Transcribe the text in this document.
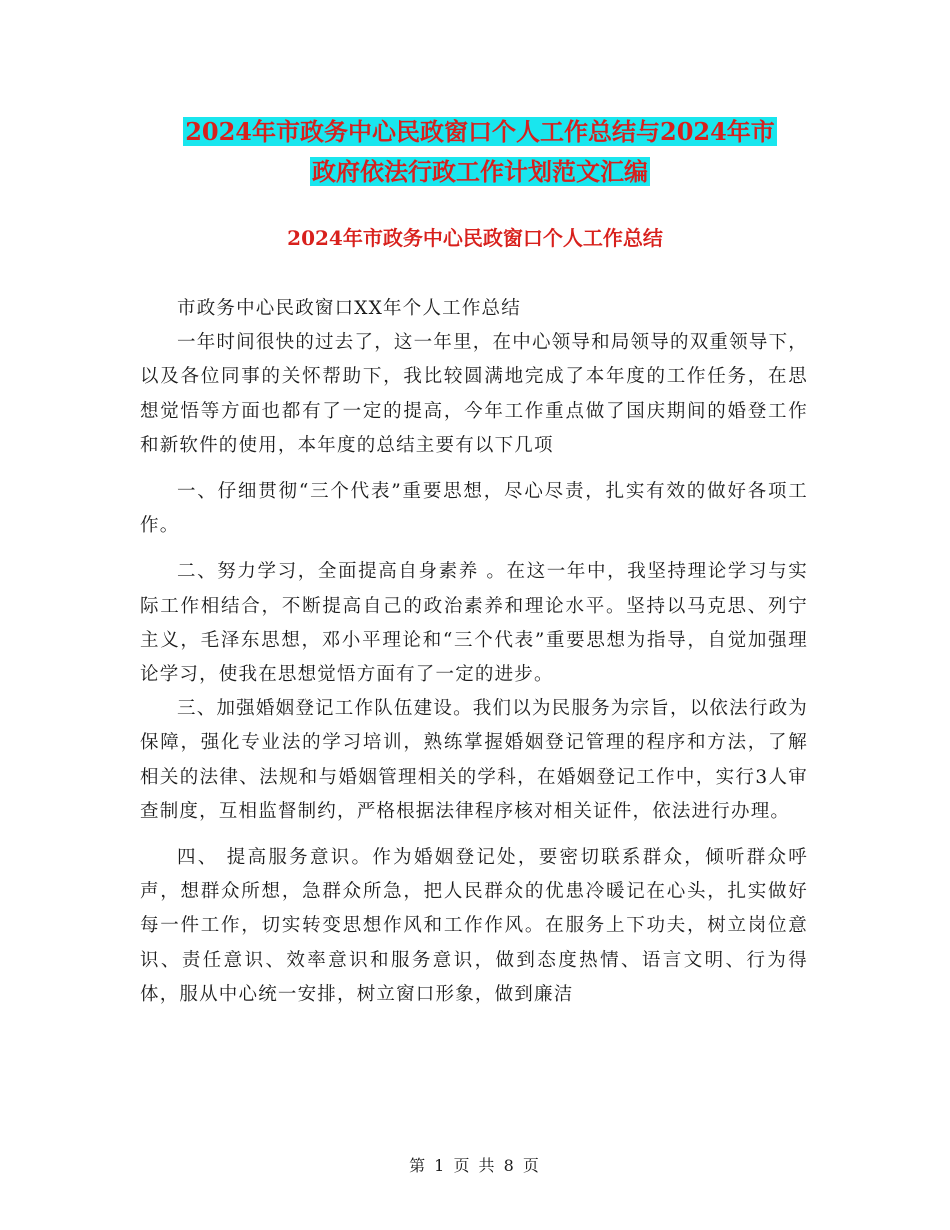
2024年市政务中心民政窗口个人工作总结与2024年市
政府依法行政工作计划范文汇编
2024年市政务中心民政窗口个人工作总结

市政务中心民政窗口XX年个人工作总结

一年时间很快的过去了，这一年里，在中心领导和局领导的双重领导下，以及各位同事的关怀帮助下，我比较圆满地完成了本年度的工作任务，在思想觉悟等方面也都有了一定的提高，今年工作重点做了国庆期间的婚登工作和新软件的使用，本年度的总结主要有以下几项

一、仔细贯彻“三个代表”重要思想，尽心尽责，扎实有效的做好各项工作。

二、努力学习，全面提高自身素养 。在这一年中，我坚持理论学习与实际工作相结合，不断提高自己的政治素养和理论水平。坚持以马克思、列宁主义，毛泽东思想，邓小平理论和“三个代表”重要思想为指导，自觉加强理论学习，使我在思想觉悟方面有了一定的进步。

三、加强婚姻登记工作队伍建设。我们以为民服务为宗旨，以依法行政为保障，强化专业法的学习培训，熟练掌握婚姻登记管理的程序和方法，了解相关的法律、法规和与婚姻管理相关的学科，在婚姻登记工作中，实行3人审查制度，互相监督制约，严格根据法律程序核对相关证件，依法进行办理。

四、 提高服务意识。作为婚姻登记处，要密切联系群众，倾听群众呼声，想群众所想，急群众所急，把人民群众的优患冷暖记在心头，扎实做好每一件工作，切实转变思想作风和工作作风。在服务上下功夫，树立岗位意识、责任意识、效率意识和服务意识，做到态度热情、语言文明、行为得体，服从中心统一安排，树立窗口形象，做到廉洁

第 1 页 共 8 页
